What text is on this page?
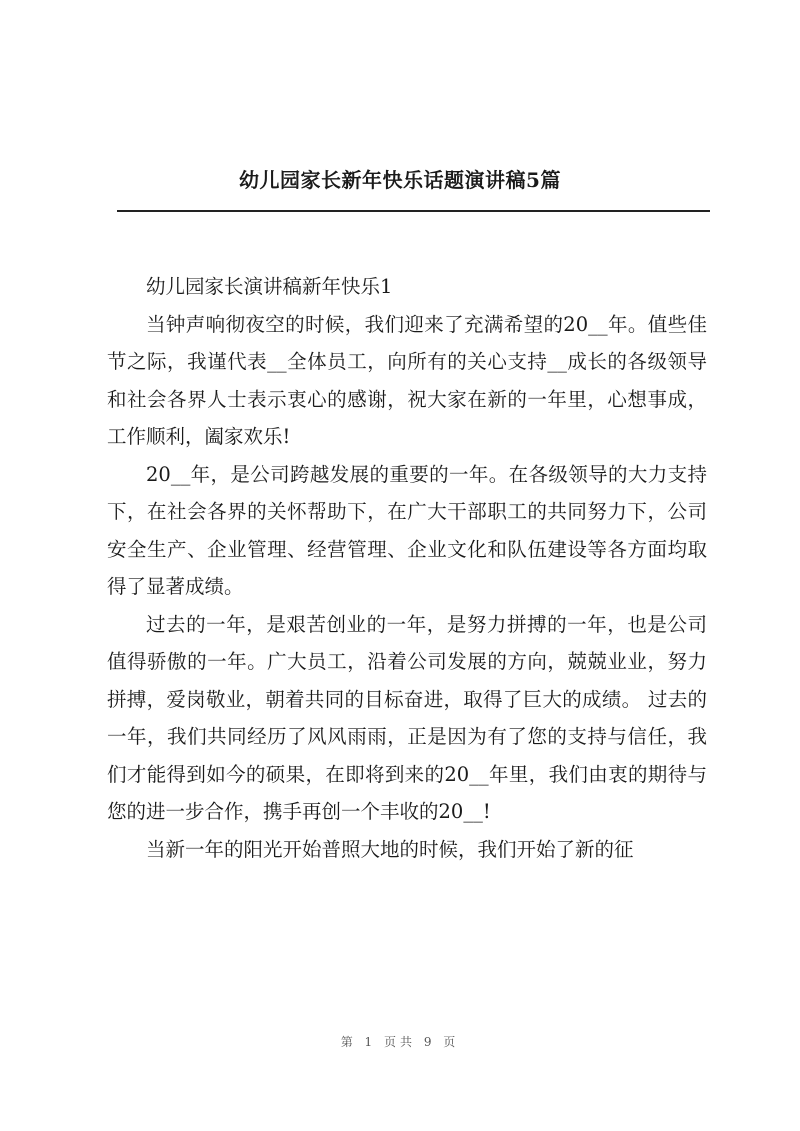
幼儿园家长新年快乐话题演讲稿5篇

幼儿园家长演讲稿新年快乐1

当钟声响彻夜空的时候，我们迎来了充满希望的20__年。值些佳节之际，我谨代表__全体员工，向所有的关心支持__成长的各级领导和社会各界人士表示衷心的感谢，祝大家在新的一年里，心想事成，工作顺利，阖家欢乐!

20__年，是公司跨越发展的重要的一年。在各级领导的大力支持下，在社会各界的关怀帮助下，在广大干部职工的共同努力下，公司安全生产、企业管理、经营管理、企业文化和队伍建设等各方面均取得了显著成绩。

过去的一年，是艰苦创业的一年，是努力拼搏的一年，也是公司值得骄傲的一年。广大员工，沿着公司发展的方向，兢兢业业，努力拼搏，爱岗敬业，朝着共同的目标奋进，取得了巨大的成绩。 过去的一年，我们共同经历了风风雨雨，正是因为有了您的支持与信任，我们才能得到如今的硕果，在即将到来的20__年里，我们由衷的期待与您的进一步合作，携手再创一个丰收的20__!

当新一年的阳光开始普照大地的时候，我们开始了新的征

第 1 页共 9 页
